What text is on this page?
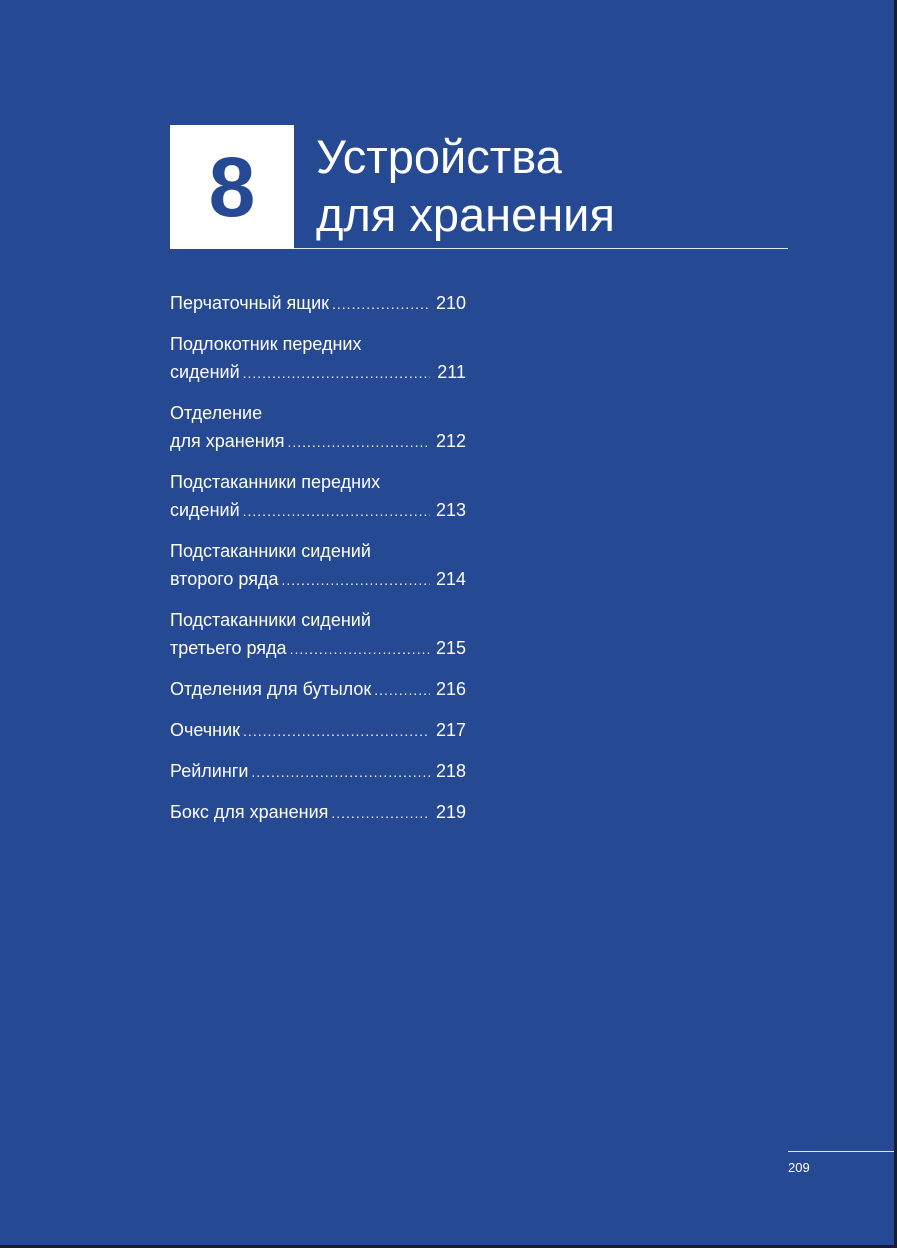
8 Устройства
для хранения
Перчаточный ящик .....	210
Подлокотник передних
сидений .....	211
Отделение
для хранения .....	212
Подстаканники передних
сидений .....	213
Подстаканники сидений
второго ряда .....	214
Подстаканники сидений
третьего ряда .....	215
Отделения для бутылок .....	216
Очечник .....	217
Рейлинги .....	218
Бокс для хранения .....	219
209
